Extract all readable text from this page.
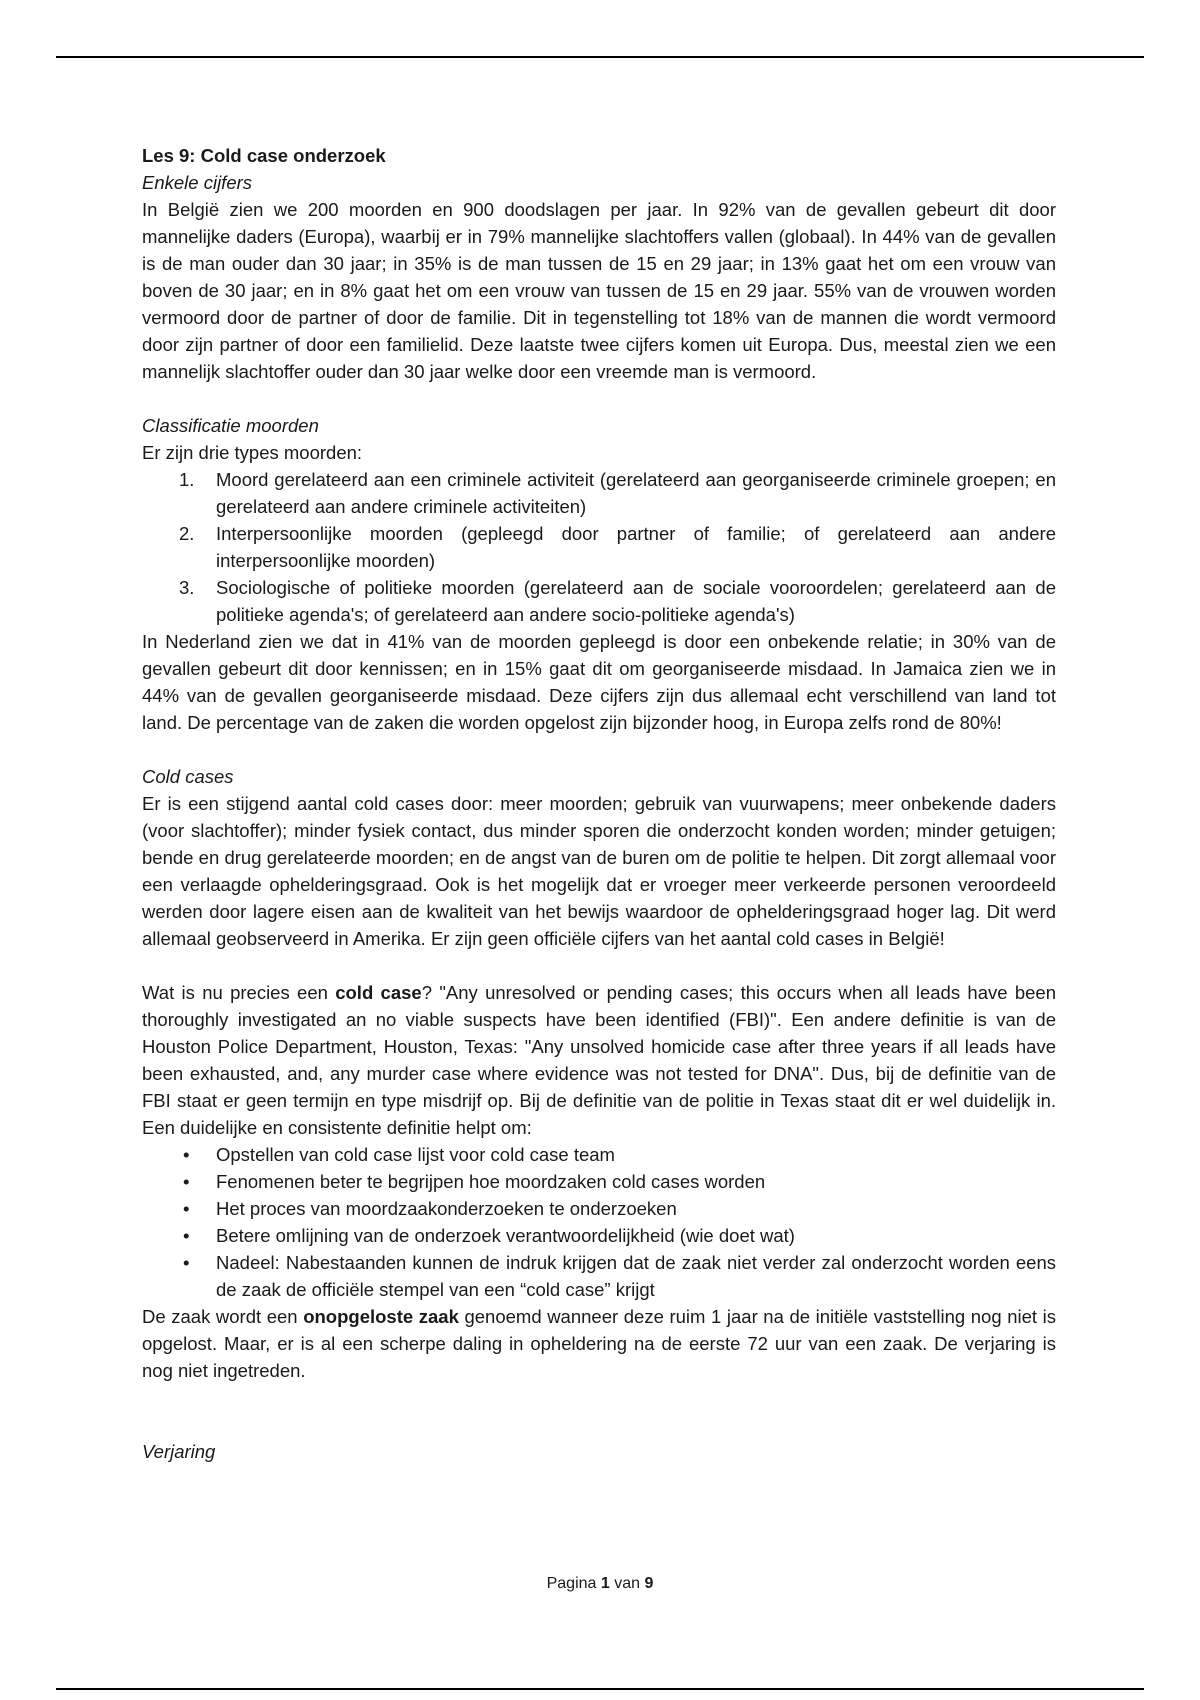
Les 9: Cold case onderzoek
Enkele cijfers

In België zien we 200 moorden en 900 doodslagen per jaar. In 92% van de gevallen gebeurt dit door mannelijke daders (Europa), waarbij er in 79% mannelijke slachtoffers vallen (globaal). In 44% van de gevallen is de man ouder dan 30 jaar; in 35% is de man tussen de 15 en 29 jaar; in 13% gaat het om een vrouw van boven de 30 jaar; en in 8% gaat het om een vrouw van tussen de 15 en 29 jaar. 55% van de vrouwen worden vermoord door de partner of door de familie. Dit in tegenstelling tot 18% van de mannen die wordt vermoord door zijn partner of door een familielid. Deze laatste twee cijfers komen uit Europa. Dus, meestal zien we een mannelijk slachtoffer ouder dan 30 jaar welke door een vreemde man is vermoord.

Classificatie moorden

Er zijn drie types moorden:

1. Moord gerelateerd aan een criminele activiteit (gerelateerd aan georganiseerde criminele groepen; en gerelateerd aan andere criminele activiteiten)
2. Interpersoonlijke moorden (gepleegd door partner of familie; of gerelateerd aan andere interpersoonlijke moorden)
3. Sociologische of politieke moorden (gerelateerd aan de sociale vooroordelen; gerelateerd aan de politieke agenda's; of gerelateerd aan andere socio-politieke agenda's)

In Nederland zien we dat in 41% van de moorden gepleegd is door een onbekende relatie; in 30% van de gevallen gebeurt dit door kennissen; en in 15% gaat dit om georganiseerde misdaad. In Jamaica zien we in 44% van de gevallen georganiseerde misdaad. Deze cijfers zijn dus allemaal echt verschillend van land tot land. De percentage van de zaken die worden opgelost zijn bijzonder hoog, in Europa zelfs rond de 80%!

Cold cases

Er is een stijgend aantal cold cases door: meer moorden; gebruik van vuurwapens; meer onbekende daders (voor slachtoffer); minder fysiek contact, dus minder sporen die onderzocht konden worden; minder getuigen; bende en drug gerelateerde moorden; en de angst van de buren om de politie te helpen. Dit zorgt allemaal voor een verlaagde ophelderingsgraad. Ook is het mogelijk dat er vroeger meer verkeerde personen veroordeeld werden door lagere eisen aan de kwaliteit van het bewijs waardoor de ophelderingsgraad hoger lag. Dit werd allemaal geobserveerd in Amerika. Er zijn geen officiële cijfers van het aantal cold cases in België!

Wat is nu precies een cold case? "Any unresolved or pending cases; this occurs when all leads have been thoroughly investigated an no viable suspects have been identified (FBI)". Een andere definitie is van de Houston Police Department, Houston, Texas: "Any unsolved homicide case after three years if all leads have been exhausted, and, any murder case where evidence was not tested for DNA". Dus, bij de definitie van de FBI staat er geen termijn en type misdrijf op. Bij de definitie van de politie in Texas staat dit er wel duidelijk in. Een duidelijke en consistente definitie helpt om:

• Opstellen van cold case lijst voor cold case team
• Fenomenen beter te begrijpen hoe moordzaken cold cases worden
• Het proces van moordzaakonderzoeken te onderzoeken
• Betere omlijning van de onderzoek verantwoordelijkheid (wie doet wat)
• Nadeel: Nabestaanden kunnen de indruk krijgen dat de zaak niet verder zal onderzocht worden eens de zaak de officiële stempel van een “cold case” krijgt

De zaak wordt een onopgeloste zaak genoemd wanneer deze ruim 1 jaar na de initiële vaststelling nog niet is opgelost. Maar, er is al een scherpe daling in opheldering na de eerste 72 uur van een zaak. De verjaring is nog niet ingetreden.

Verjaring
Pagina 1 van 9
